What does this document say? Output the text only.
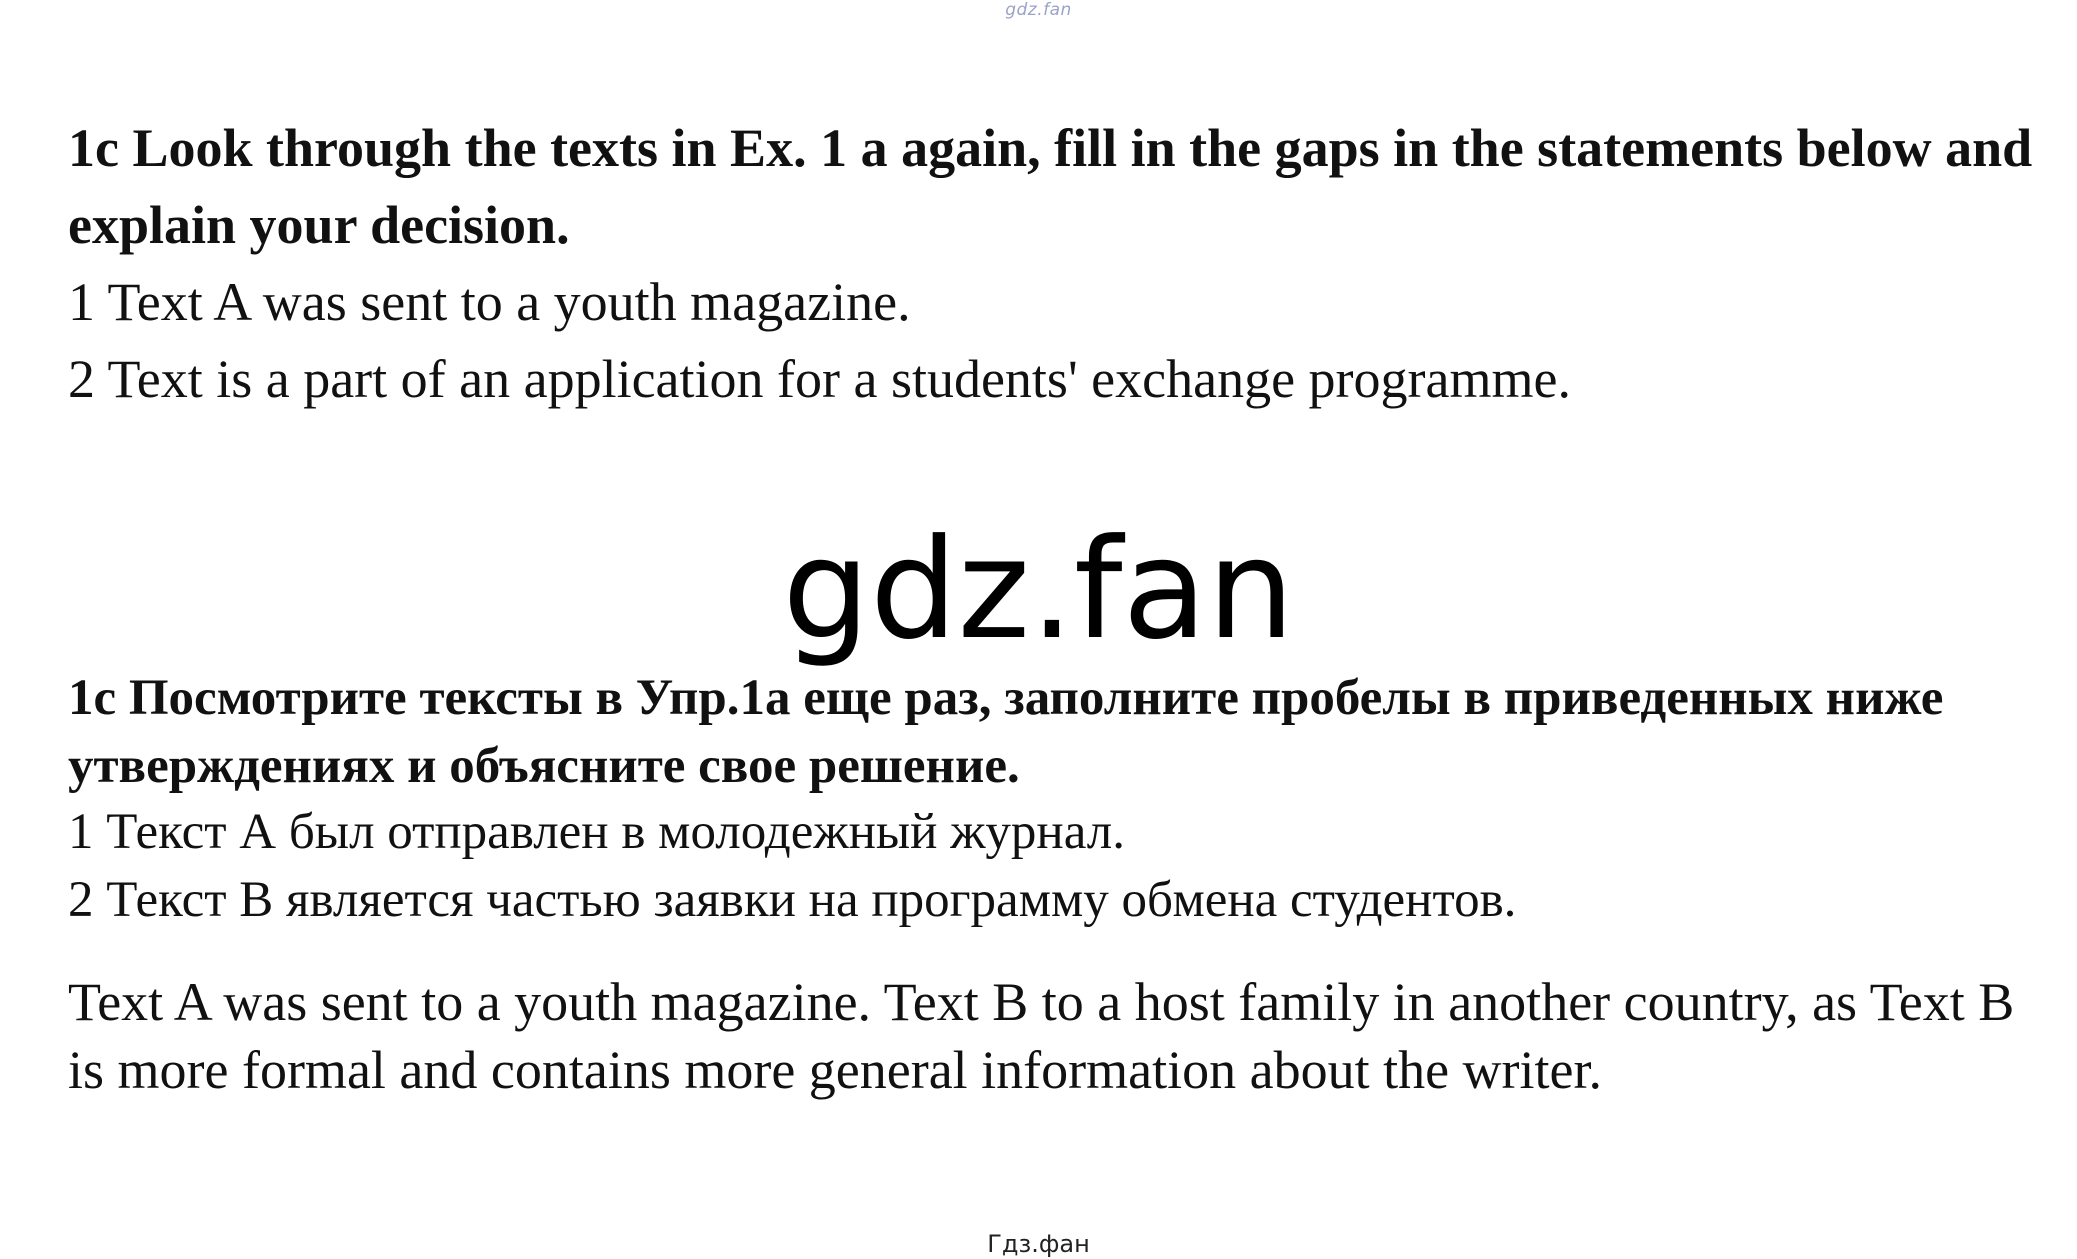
gdz.fan

1c Look through the texts in Ex. 1 a again, fill in the gaps in the statements below and explain your decision.

1 Text A was sent to a youth magazine.

2 Text is a part of an application for a students' exchange programme.

gdz.fan

1с Посмотрите тексты в Упр.1а еще раз, заполните пробелы в приведенных ниже утверждениях и объясните свое решение.

1 Текст А был отправлен в молодежный журнал.

2 Текст В является частью заявки на программу обмена студентов.

Text A was sent to a youth magazine. Text B to a host family in another country, as Text B is more formal and contains more general information about the writer.

Гдз.фан
